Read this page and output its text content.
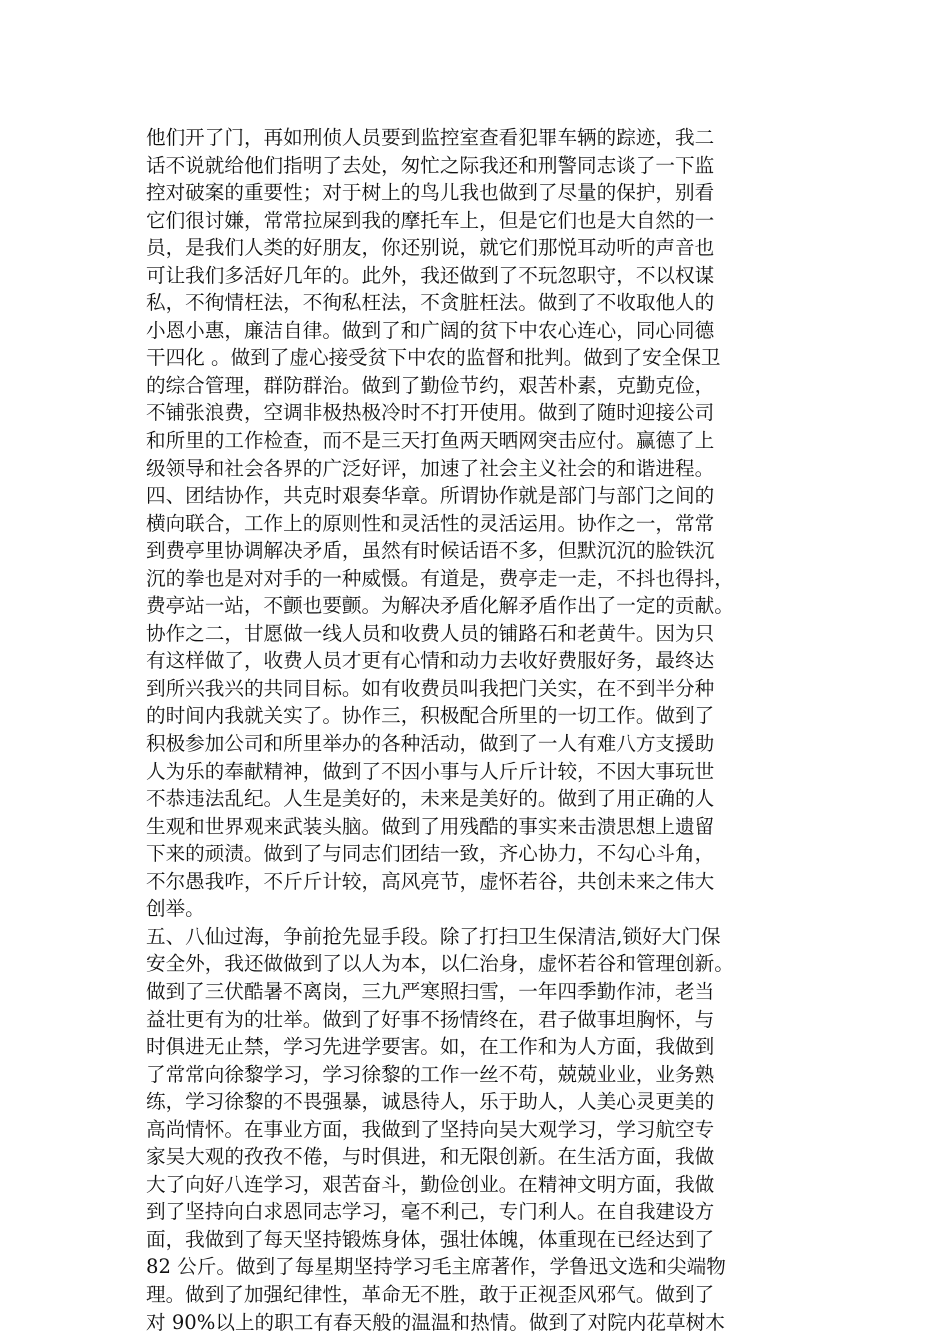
他们开了门，再如刑侦人员要到监控室查看犯罪车辆的踪迹，我二
话不说就给他们指明了去处，匆忙之际我还和刑警同志谈了一下监
控对破案的重要性；对于树上的鸟儿我也做到了尽量的保护，别看
它们很讨嫌，常常拉屎到我的摩托车上，但是它们也是大自然的一
员，是我们人类的好朋友，你还别说，就它们那悦耳动听的声音也
可让我们多活好几年的。此外，我还做到了不玩忽职守，不以权谋
私，不徇情枉法，不徇私枉法，不贪脏枉法。做到了不收取他人的
小恩小惠，廉洁自律。做到了和广阔的贫下中农心连心，同心同德
干四化 。做到了虚心接受贫下中农的监督和批判。做到了安全保卫
的综合管理，群防群治。做到了勤俭节约，艰苦朴素，克勤克俭，
不铺张浪费，空调非极热极冷时不打开使用。做到了随时迎接公司
和所里的工作检查，而不是三天打鱼两天晒网突击应付。赢德了上
级领导和社会各界的广泛好评，加速了社会主义社会的和谐进程。
四、团结协作，共克时艰奏华章。所谓协作就是部门与部门之间的
横向联合，工作上的原则性和灵活性的灵活运用。协作之一，常常
到费亭里协调解决矛盾，虽然有时候话语不多，但默沉沉的脸铁沉
沉的拳也是对对手的一种威慑。有道是，费亭走一走，不抖也得抖，
费亭站一站，不颤也要颤。为解决矛盾化解矛盾作出了一定的贡献。
协作之二，甘愿做一线人员和收费人员的铺路石和老黄牛。因为只
有这样做了，收费人员才更有心情和动力去收好费服好务，最终达
到所兴我兴的共同目标。如有收费员叫我把门关实，在不到半分种
的时间内我就关实了。协作三，积极配合所里的一切工作。做到了
积极参加公司和所里举办的各种活动，做到了一人有难八方支援助
人为乐的奉献精神，做到了不因小事与人斤斤计较，不因大事玩世
不恭违法乱纪。人生是美好的，未来是美好的。做到了用正确的人
生观和世界观来武装头脑。做到了用残酷的事实来击溃思想上遗留
下来的顽渍。做到了与同志们团结一致，齐心协力，不勾心斗角，
不尔愚我咋，不斤斤计较，高风亮节，虚怀若谷，共创未来之伟大
创举。
五、八仙过海，争前抢先显手段。除了打扫卫生保清洁,锁好大门保
安全外，我还做做到了以人为本，以仁治身，虚怀若谷和管理创新。
做到了三伏酷暑不离岗，三九严寒照扫雪，一年四季勤作沛，老当
益壮更有为的壮举。做到了好事不扬情终在，君子做事坦胸怀，与
时俱进无止禁，学习先进学要害。如，在工作和为人方面，我做到
了常常向徐黎学习，学习徐黎的工作一丝不苟，兢兢业业，业务熟
练，学习徐黎的不畏强暴，诚恳待人，乐于助人，人美心灵更美的
高尚情怀。在事业方面，我做到了坚持向吴大观学习，学习航空专
家吴大观的孜孜不倦，与时俱进，和无限创新。在生活方面，我做
大了向好八连学习，艰苦奋斗，勤俭创业。在精神文明方面，我做
到了坚持向白求恩同志学习，毫不利己，专门利人。在自我建设方
面，我做到了每天坚持锻炼身体，强壮体魄，体重现在已经达到了
82 公斤。做到了每星期坚持学习毛主席著作，学鲁迅文选和尖端物
理。做到了加强纪律性，革命无不胜，敢于正视歪风邪气。做到了
对 90%以上的职工有春天般的温温和热情。做到了对院内花草树木
